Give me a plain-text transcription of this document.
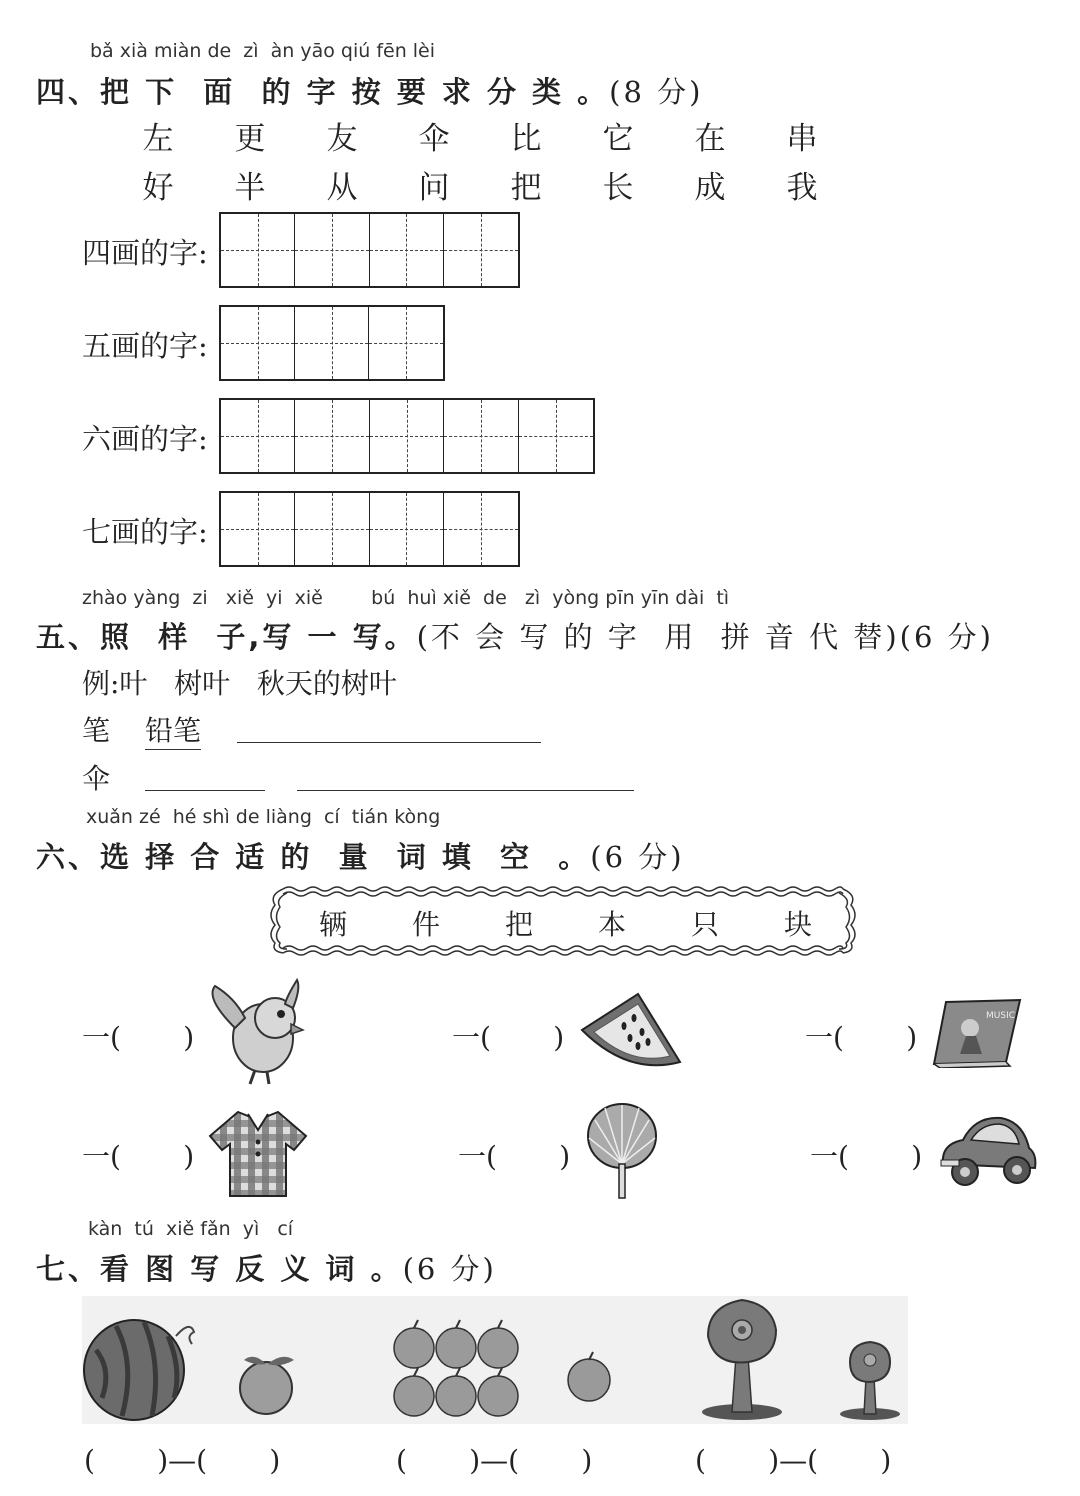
bǎ xià miàn de  zì  àn yāo qiú fēn lèi
四、把 下  面  的 字 按 要 求 分 类 。(8 分)
左	更	友	伞	比	它	在	串
好	半	从	问	把	长	成	我
四画的字:
五画的字:
六画的字:
七画的字:
zhào yàng  zi   xiě  yi  xiě        bú  huì xiě  de   zì  yòng pīn yīn dài  tì
五、照  样  子,写 一 写。(不 会 写 的 字  用  拼 音 代 替)(6 分)
例:叶   树叶   秋天的树叶
笔 铅笔
伞
xuǎn zé  hé shì de liàng  cí  tián kòng
六、选 择 合 适 的  量  词 填  空  。(6 分)
辆	件	把	本	只	块
一(       )	一(       )	一(       )
MUSIC
一(       )	一(       )	一(       )
kàn  tú  xiě fǎn  yì   cí
七、看 图 写 反 义 词 。(6 分)
(       )—(       )	(       )—(       )	(       )—(       )
